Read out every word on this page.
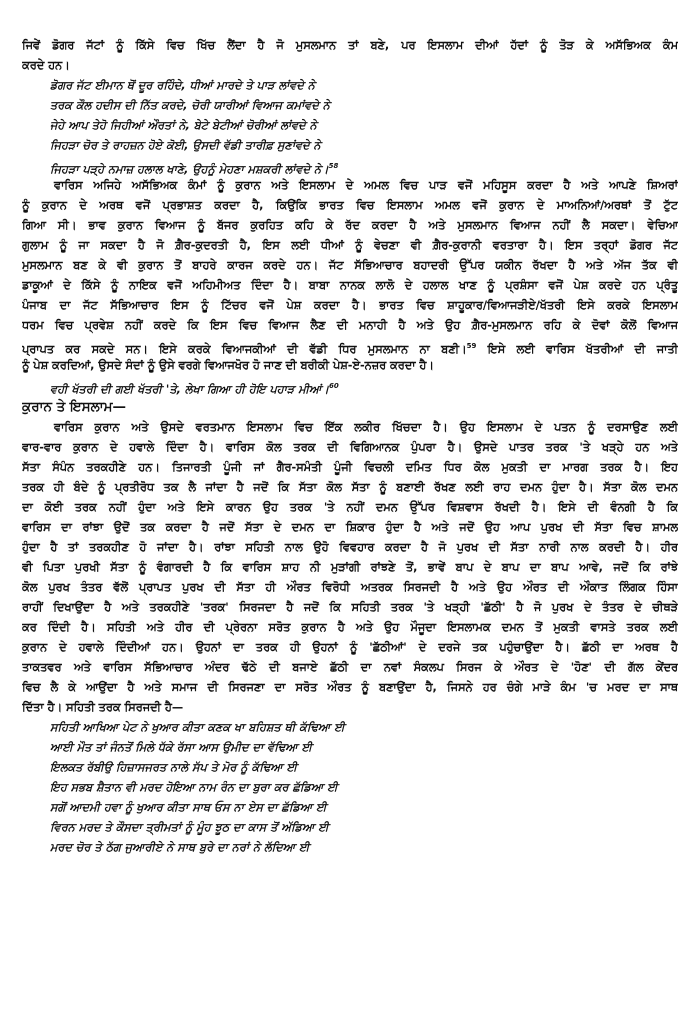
ਜਿਵੇਂ ਡੋਗਰ ਜੱਟਾਂ ਨੂੰ ਕਿੱਸੇ ਵਿਚ ਖਿੱਚ ਲੈਂਦਾ ਹੈ ਜੋ ਮੁਸਲਮਾਨ ਤਾਂ ਬਣੇ, ਪਰ ਇਸਲਾਮ ਦੀਆਂ ਹੱਦਾਂ ਨੂੰ ਤੋੜ ਕੇ ਅਸੱਭਿਅਕ ਕੰਮ
ਕਰਦੇ ਹਨ।
ਡੋਗਰ ਜੱਟ ਈਮਾਨ ਥੋਂ ਦੂਰ ਰਹਿੰਦੇ, ਧੀਆਂ ਮਾਰਦੇ ਤੇ ਪਾੜ ਲਾਂਵਦੇ ਨੇ
ਤਰਕ ਕੌਲ ਹਦੀਸ ਦੀ ਨਿੱਤ ਕਰਦੇ, ਚੋਰੀ ਯਾਰੀਆਂ ਵਿਆਜ ਕਮਾਂਵਦੇ ਨੇ
ਜੇਹੇ ਆਪ ਤੇਹੋ ਜਿਹੀਆਂ ਔਰਤਾਂ ਨੇ, ਬੇਟੇ ਬੇਟੀਆਂ ਚੋਰੀਆਂ ਲਾਂਵਦੇ ਨੇ
ਜਿਹੜਾ ਚੋਰ ਤੇ ਰਾਹਜ਼ਨ ਹੋਏ ਕੋਈ, ਉਸਦੀ ਵੱਡੀ ਤਾਰੀਫ਼ ਸੁਣਾਂਵਦੇ ਨੇ
ਜਿਹੜਾ ਪੜ੍ਹੇ ਨਮਾਜ਼ ਹਲਾਲ ਖਾਣੇ, ਉਹਨੂੰ ਮੇਹਣਾ ਮਸ਼ਕਰੀ ਲਾਂਵਦੇ ਨੇ।$^{58}$
ਵਾਰਿਸ ਅਜਿਹੇ ਅਸੱਭਿਅਕ ਕੰਮਾਂ ਨੂੰ ਕੁਰਾਨ ਅਤੇ ਇਸਲਾਮ ਦੇ ਅਮਲ ਵਿਚ ਪਾੜ ਵਜੋਂ ਮਹਿਸੂਸ ਕਰਦਾ ਹੈ ਅਤੇ ਆਪਣੇ ਸ਼ਿਅਰਾਂ
ਨੂੰ ਕੁਰਾਨ ਦੇ ਅਰਥ ਵਜੋਂ ਪ੍ਰਭਾਸ਼ਤ ਕਰਦਾ ਹੈ, ਕਿਉਂਕਿ ਭਾਰਤ ਵਿਚ ਇਸਲਾਮ ਅਮਲ ਵਜੋਂ ਕੁਰਾਨ ਦੇ ਮਾਅਨਿਆਂ/ਅਰਥਾਂ ਤੋਂ ਟੁੱਟ
ਗਿਆ ਸੀ। ਭਾਵ ਕੁਰਾਨ ਵਿਆਜ ਨੂੰ ਬੱਜਰ ਕੁਰਹਿਤ ਕਹਿ ਕੇ ਰੱਦ ਕਰਦਾ ਹੈ ਅਤੇ ਮੁਸਲਮਾਨ ਵਿਆਜ ਨਹੀਂ ਲੈ ਸਕਦਾ। ਵੇਚਿਆ
ਗੁਲਾਮ ਨੂੰ ਜਾ ਸਕਦਾ ਹੈ ਜੋ ਗ਼ੈਰ-ਕੁਦਰਤੀ ਹੈ, ਇਸ ਲਈ ਧੀਆਂ ਨੂੰ ਵੇਚਣਾ ਵੀ ਗ਼ੈਰ-ਕੁਰਾਨੀ ਵਰਤਾਰਾ ਹੈ। ਇਸ ਤਰ੍ਹਾਂ ਡੋਗਰ ਜੱਟ
ਮੁਸਲਮਾਨ ਬਣ ਕੇ ਵੀ ਕੁਰਾਨ ਤੋਂ ਬਾਹਰੇ ਕਾਰਜ ਕਰਦੇ ਹਨ। ਜੱਟ ਸੱਭਿਆਚਾਰ ਬਹਾਦਰੀ ਉੱਪਰ ਯਕੀਨ ਰੱਖਦਾ ਹੈ ਅਤੇ ਅੱਜ ਤੱਕ ਵੀ
ਡਾਕੂਆਂ ਦੇ ਕਿੱਸੇ ਨੂੰ ਨਾਇਕ ਵਜੋਂ ਅਹਿਮੀਅਤ ਦਿੰਦਾ ਹੈ। ਬਾਬਾ ਨਾਨਕ ਲਾਲੋ ਦੇ ਹਲਾਲ ਖਾਣ ਨੂੰ ਪ੍ਰਸ਼ੰਸਾ ਵਜੋਂ ਪੇਸ਼ ਕਰਦੇ ਹਨ ਪ੍ਰੰਤੂ
ਪੰਜਾਬ ਦਾ ਜੱਟ ਸੱਭਿਆਚਾਰ ਇਸ ਨੂੰ ਟਿੱਚਰ ਵਜੋਂ ਪੇਸ਼ ਕਰਦਾ ਹੈ। ਭਾਰਤ ਵਿਚ ਸ਼ਾਹੂਕਾਰ/ਵਿਆਜੜੀਏ/ਖੱਤਰੀ ਇਸੇ ਕਰਕੇ ਇਸਲਾਮ
ਧਰਮ ਵਿਚ ਪ੍ਰਵੇਸ਼ ਨਹੀਂ ਕਰਦੇ ਕਿ ਇਸ ਵਿਚ ਵਿਆਜ ਲੈਣ ਦੀ ਮਨਾਹੀ ਹੈ ਅਤੇ ਉਹ ਗ਼ੈਰ-ਮੁਸਲਮਾਨ ਰਹਿ ਕੇ ਦੋਵਾਂ ਕੋਲੋਂ ਵਿਆਜ
ਪ੍ਰਾਪਤ ਕਰ ਸਕਦੇ ਸਨ। ਇਸੇ ਕਰਕੇ ਵਿਆਜਕੀਆਂ ਦੀ ਵੱਡੀ ਧਿਰ ਮੁਸਲਮਾਨ ਨਾ ਬਣੀ।$^{59}$ ਇਸੇ ਲਈ ਵਾਰਿਸ ਖੱਤਰੀਆਂ ਦੀ ਜਾਤੀ
ਨੂੰ ਪੇਸ਼ ਕਰਦਿਆਂ, ਉਸਦੇ ਸੰਦਾਂ ਨੂੰ ਉਸੇ ਵਰਗੇ ਵਿਆਜਖੋਰ ਹੋ ਜਾਣ ਦੀ ਬਰੀਕੀ ਪੇਸ਼-ਏ-ਨਜ਼ਰ ਕਰਦਾ ਹੈ।
ਵਹੀ ਖੱਤਰੀ ਦੀ ਗਈ ਖੱਤਰੀ 'ਤੇ, ਲੇਖਾ ਗਿਆ ਹੀ ਹੋਇ ਪਹਾੜ ਮੀਆਂ।$^{60}$
ਕੁਰਾਨ ਤੇ ਇਸਲਾਮ—
ਵਾਰਿਸ ਕੁਰਾਨ ਅਤੇ ਉਸਦੇ ਵਰਤਮਾਨ ਇਸਲਾਮ ਵਿਚ ਇੱਕ ਲਕੀਰ ਖਿੱਚਦਾ ਹੈ। ਉਹ ਇਸਲਾਮ ਦੇ ਪਤਨ ਨੂੰ ਦਰਸਾਉਣ ਲਈ
ਵਾਰ-ਵਾਰ ਕੁਰਾਨ ਦੇ ਹਵਾਲੇ ਦਿੰਦਾ ਹੈ। ਵਾਰਿਸ ਕੋਲ ਤਰਕ ਦੀ ਵਿਗਿਆਨਕ ਪੁੰਪਰਾ ਹੈ। ਉਸਦੇ ਪਾਤਰ ਤਰਕ 'ਤੇ ਖੜ੍ਹੇ ਹਨ ਅਤੇ
ਸੱਤਾ ਸੰਪੰਨ ਤਰਕਹੀਣੇ ਹਨ। ਤਿਜਾਰਤੀ ਪੂੰਜੀ ਜਾਂ ਗੈਰ-ਸਮੰਤੀ ਪੂੰਜੀ ਵਿਚਲੀ ਦਮਿਤ ਧਿਰ ਕੋਲ ਮੁਕਤੀ ਦਾ ਮਾਰਗ ਤਰਕ ਹੈ। ਇਹ
ਤਰਕ ਹੀ ਬੰਦੇ ਨੂੰ ਪ੍ਰਤੀਰੋਧ ਤਕ ਲੈ ਜਾਂਦਾ ਹੈ ਜਦੋਂ ਕਿ ਸੱਤਾ ਕੋਲ ਸੱਤਾ ਨੂੰ ਬਣਾਈ ਰੱਖਣ ਲਈ ਰਾਹ ਦਮਨ ਹੁੰਦਾ ਹੈ। ਸੱਤਾ ਕੋਲ ਦਮਨ
ਦਾ ਕੋਈ ਤਰਕ ਨਹੀਂ ਹੁੰਦਾ ਅਤੇ ਇਸੇ ਕਾਰਨ ਉਹ ਤਰਕ 'ਤੇ ਨਹੀਂ ਦਮਨ ਉੱਪਰ ਵਿਸ਼ਵਾਸ ਰੱਖਦੀ ਹੈ। ਇਸੇ ਦੀ ਵੰਨਗੀ ਹੈ ਕਿ
ਵਾਰਿਸ ਦਾ ਰਾਂਝਾ ਉਦੋਂ ਤਕ ਕਰਦਾ ਹੈ ਜਦੋਂ ਸੱਤਾ ਦੇ ਦਮਨ ਦਾ ਸ਼ਿਕਾਰ ਹੁੰਦਾ ਹੈ ਅਤੇ ਜਦੋਂ ਉਹ ਆਪ ਪੁਰਖ ਦੀ ਸੱਤਾ ਵਿਚ ਸ਼ਾਮਲ
ਹੁੰਦਾ ਹੈ ਤਾਂ ਤਰਕਹੀਣ ਹੋ ਜਾਂਦਾ ਹੈ। ਰਾਂਝਾ ਸਹਿਤੀ ਨਾਲ ਉਹੋ ਵਿਵਹਾਰ ਕਰਦਾ ਹੈ ਜੋ ਪੁਰਖ ਦੀ ਸੱਤਾ ਨਾਰੀ ਨਾਲ ਕਰਦੀ ਹੈ। ਹੀਰ
ਵੀ ਪਿਤਾ ਪੁਰਖੀ ਸੱਤਾ ਨੂੰ ਵੰਗਾਰਦੀ ਹੈ ਕਿ ਵਾਰਿਸ ਸ਼ਾਹ ਨੀ ਮੁੜਾਂਗੀ ਰਾਂਝਣੇ ਤੋਂ, ਭਾਵੇਂ ਬਾਪ ਦੇ ਬਾਪ ਦਾ ਬਾਪ ਆਵੇ, ਜਦੋਂ ਕਿ ਰਾਂਝੇ
ਕੋਲ ਪੁਰਖ ਤੰਤਰ ਵੱਲੋਂ ਪ੍ਰਾਪਤ ਪੁਰਖ ਦੀ ਸੱਤਾ ਹੀ ਔਰਤ ਵਿਰੋਧੀ ਅਤਰਕ ਸਿਰਜਦੀ ਹੈ ਅਤੇ ਉਹ ਔਰਤ ਦੀ ਔਕਾਤ ਲਿੰਗਕ ਹਿੰਸਾ
ਰਾਹੀਂ ਦਿਖਾਉਂਦਾ ਹੈ ਅਤੇ ਤਰਕਹੀਣੇ 'ਤਰਕ' ਸਿਰਜਦਾ ਹੈ ਜਦੋਂ ਕਿ ਸਹਿਤੀ ਤਰਕ 'ਤੇ ਖੜ੍ਹੀ 'ਛੱਠੀ' ਹੈ ਜੋ ਪੁਰਖ ਦੇ ਤੰਤਰ ਦੇ ਚੀਥੜੇ
ਕਰ ਦਿੰਦੀ ਹੈ। ਸਹਿਤੀ ਅਤੇ ਹੀਰ ਦੀ ਪ੍ਰੇਰਨਾ ਸਰੋਤ ਕੁਰਾਨ ਹੈ ਅਤੇ ਉਹ ਮੌਜੂਦਾ ਇਸਲਾਮਕ ਦਮਨ ਤੋਂ ਮੁਕਤੀ ਵਾਸਤੇ ਤਰਕ ਲਈ
ਕੁਰਾਨ ਦੇ ਹਵਾਲੇ ਦਿੰਦੀਆਂ ਹਨ। ਉਹਨਾਂ ਦਾ ਤਰਕ ਹੀ ਉਹਨਾਂ ਨੂੰ 'ਛੱਠੀਆਂ' ਦੇ ਦਰਜੇ ਤਕ ਪਹੁੰਚਾਉਂਦਾ ਹੈ। ਛੱਠੀ ਦਾ ਅਰਥ ਹੈ
ਤਾਕਤਵਰ ਅਤੇ ਵਾਰਿਸ ਸੱਭਿਆਚਾਰ ਅੰਦਰ ਢੱਠੇ ਦੀ ਬਜਾਏ ਛੱਠੀ ਦਾ ਨਵਾਂ ਸੰਕਲਪ ਸਿਰਜ ਕੇ ਔਰਤ ਦੇ 'ਹੋਣ' ਦੀ ਗੱਲ ਕੇਂਦਰ
ਵਿਚ ਲੈ ਕੇ ਆਉਂਦਾ ਹੈ ਅਤੇ ਸਮਾਜ ਦੀ ਸਿਰਜਣਾ ਦਾ ਸਰੋਤ ਔਰਤ ਨੂੰ ਬਣਾਉਂਦਾ ਹੈ, ਜਿਸਨੇ ਹਰ ਚੰਗੇ ਮਾੜੇ ਕੰਮ 'ਚ ਮਰਦ ਦਾ ਸਾਥ
ਦਿੱਤਾ ਹੈ। ਸਹਿਤੀ ਤਰਕ ਸਿਰਜਦੀ ਹੈ—
ਸਹਿਤੀ ਆਖਿਆ ਪੇਟ ਨੇ ਖੁਆਰ ਕੀਤਾ ਕਣਕ ਖਾ ਬਹਿਸ਼ਤ ਥੀ ਕੱਢਿਆ ਈ
ਆਈ ਮੌਤ ਤਾਂ ਜੰਨਤੋਂ ਮਿਲੇ ਧੱਕੇ ਰੱਸਾ ਆਸ ਉਮੀਦ ਦਾ ਵੱਢਿਆ ਈ
ਇਲਕਤ ਰੱਬੀਉ ਹਿਜ਼ਾਸਜਰਤ ਨਾਲੇ ਸੱਪ ਤੇ ਮੋਰ ਨੂੰ ਕੱਢਿਆ ਈ
ਇਹ ਸਭਬ ਸ਼ੈਤਾਨ ਵੀ ਮਰਦ ਹੋਇਆ ਨਾਮ ਰੰਨ ਦਾ ਬੁਰਾ ਕਰ ਛੱਡਿਆ ਈ
ਸਗੋਂ ਆਦਮੀ ਹਵਾ ਨੂੰ ਖੁਆਰ ਕੀਤਾ ਸਾਥ ਓਸ ਨਾ ਏਸ ਦਾ ਛੱਡਿਆ ਈ
ਵਿਰਨ ਮਰਦ ਤੇ ਕੌਸਦਾ ਤ੍ਰੀਮਤਾਂ ਨੂੰ ਮੂੰਹ ਝੂਠ ਦਾ ਕਾਸ ਤੋਂ ਅੱਡਿਆ ਈ
ਮਰਦ ਚੋਰ ਤੇ ਠੱਗ ਜੁਆਰੀਏ ਨੇ ਸਾਥ ਬੁਰੇ ਦਾ ਨਰਾਂ ਨੇ ਲੱਦਿਆ ਈ
